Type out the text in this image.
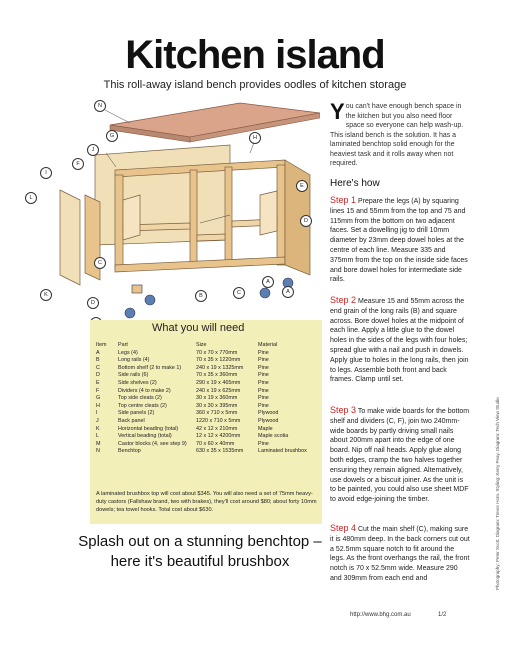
Kitchen island
This roll-away island bench provides oodles of kitchen storage
N
H
G
J
F
I
E
L
D
C
K
D
A
B	C	A
You can't have enough bench space in the kitchen but you also need floor space so everyone can help wash-up. This island bench is the solution. It has a laminated benchtop solid enough for the heaviest task and it rolls away when not required.
Here's how
Step 1 Prepare the legs (A) by squaring lines 15 and 55mm from the top and 75 and 115mm from the bottom on two adjacent faces. Set a dowelling jig to drill 10mm diameter by 23mm deep dowel holes at the centre of each line. Measure 335 and 375mm from the top on the inside side faces and bore dowel holes for intermediate side rails.
Step 2 Measure 15 and 55mm across the end grain of the long rails (B) and square across. Bore dowel holes at the midpoint of each line. Apply a little glue to the dowel holes in the sides of the legs with four holes; spread glue with a nail and push in dowels. Apply glue to holes in the long rails, then join to legs. Assemble both front and back frames. Clamp until set.
Step 3 To make wide boards for the bottom shelf and dividers (C, F), join two 240mm-wide boards by partly driving small nails about 200mm apart into the edge of one board. Nip off nail heads. Apply glue along both edges, cramp the two halves together ensuring they remain aligned. Alternatively, use dowels or a biscuit joiner. As the unit is to be painted, you could also use sheet MDF to avoid edge-joining the timber.
Step 4 Cut the main shelf (C), making sure it is 480mm deep. In the back corners cut out a 52.5mm square notch to fit around the legs. As the front overhangs the rail, the front notch is 70 x 52.5mm wide. Measure 290 and 309mm from each end and
What you will need
Item	Part	Size	Material
A	Legs (4)	70 x 70 x 770mm	Pine
B	Long rails (4)	70 x 35 x 1220mm	Pine
C	Bottom shelf (2 to make 1)	240 x 19 x 1325mm	Pine
D	Side rails (6)	70 x 35 x 360mm	Pine
E	Side shelves (2)	290 x 19 x 465mm	Pine
F	Dividers (4 to make 2)	240 x 19 x 625mm	Pine
G	Top side cleats (2)	30 x 19 x 360mm	Pine
H	Top centre cleats (2)	30 x 30 x 395mm	Pine
I	Side panels (2)	360 x 710 x 5mm	Plywood
J	Back panel	1220 x 710 x 5mm	Plywood
K	Horizontal beading (total)	42 x 12 x 210mm	Maple
L	Vertical beading (total)	12 x 12 x 4200mm	Maple scotia
M	Castor blocks (4, see step 9)	70 x 60 x 40mm	Pine
N	Benchtop	630 x 35 x 1535mm	Laminated brushbox
A laminated brushbox top will cost about $345. You will also need a set of 75mm heavy-duty castors (Fallshaw brand, two with brakes), they'll cost around $80; about forty 10mm dowels; tea towel hooks. Total cost about $630.
Splash out on a stunning benchtop –
here it's beautiful brushbox	Photography: Peter Scott. Diagram: Trevor Horn. Styling: Kerry Peay. Diagram: Tech View Studio
http://www.bhg.com.au	1/2
